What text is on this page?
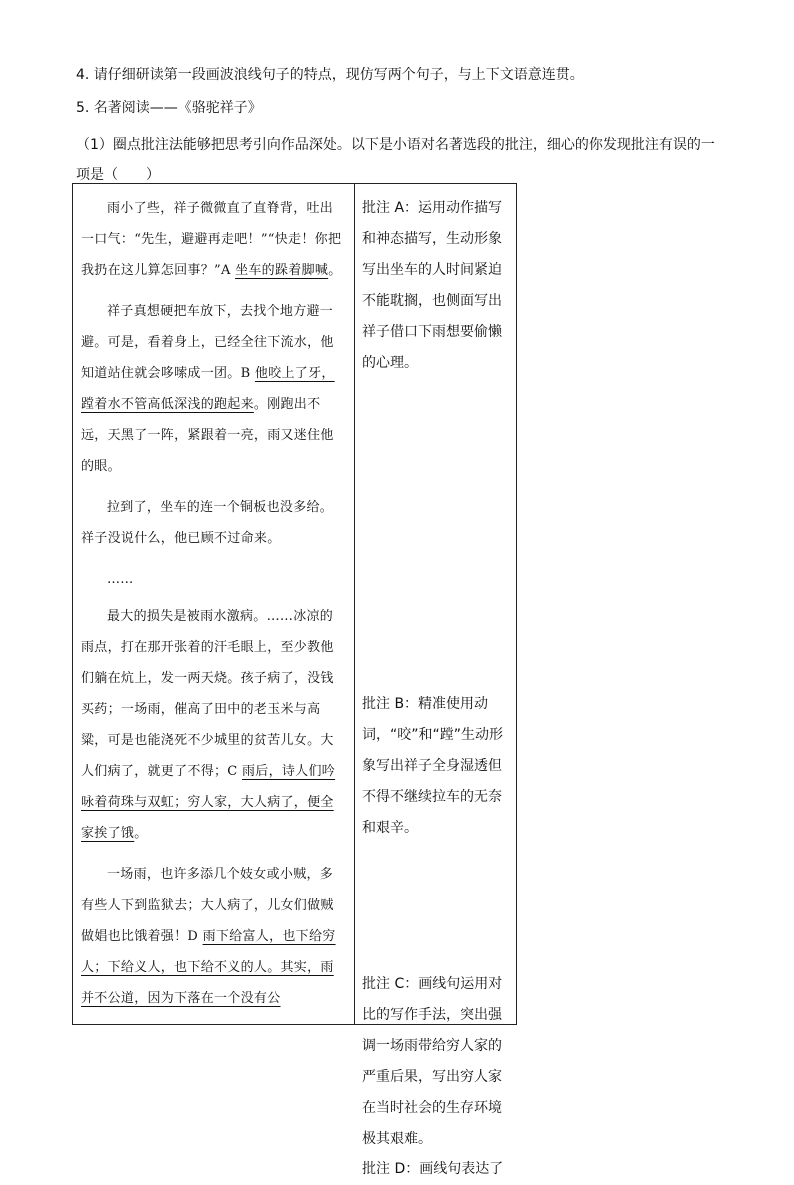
4. 请仔细研读第一段画波浪线句子的特点，现仿写两个句子，与上下文语意连贯。
5. 名著阅读——《骆驼祥子》
（1）圈点批注法能够把思考引向作品深处。以下是小语对名著选段的批注，细心的你发现批注有误的一项是（　　）

雨小了些，祥子微微直了直脊背，吐出一口气：“先生，避避再走吧！”“快走！你把我扔在这儿算怎回事？”A 坐车的跺着脚喊。

祥子真想硬把车放下，去找个地方避一避。可是，看着身上，已经全往下流水，他知道站住就会哆嗦成一团。B 他咬上了牙，蹚着水不管高低深浅的跑起来。刚跑出不远，天黑了一阵，紧跟着一亮，雨又迷住他的眼。

拉到了，坐车的连一个铜板也没多给。祥子没说什么，他已顾不过命来。

……

最大的损失是被雨水激病。……冰凉的雨点，打在那开张着的汗毛眼上，至少教他们躺在炕上，发一两天烧。孩子病了，没钱买药；一场雨，催高了田中的老玉米与高粱，可是也能浇死不少城里的贫苦儿女。大人们病了，就更了不得；C 雨后，诗人们吟咏着荷珠与双虹；穷人家，大人病了，便全家挨了饿。

一场雨，也许多添几个妓女或小贼，多有些人下到监狱去；大人病了，儿女们做贼做娼也比饿着强！D 雨下给富人，也下给穷人；下给义人，也下给不义的人。其实，雨并不公道，因为下落在一个没有公

批注 A：运用动作描写和神态描写，生动形象写出坐车的人时间紧迫不能耽搁，也侧面写出祥子借口下雨想要偷懒的心理。
批注 B：精准使用动词，“咬”和“蹚”生动形象写出祥子全身湿透但不得不继续拉车的无奈和艰辛。
批注 C：画线句运用对比的写作手法，突出强调一场雨带给穷人家的严重后果，写出穷人家在当时社会的生存环境极其艰难。
批注 D：画线句表达了
